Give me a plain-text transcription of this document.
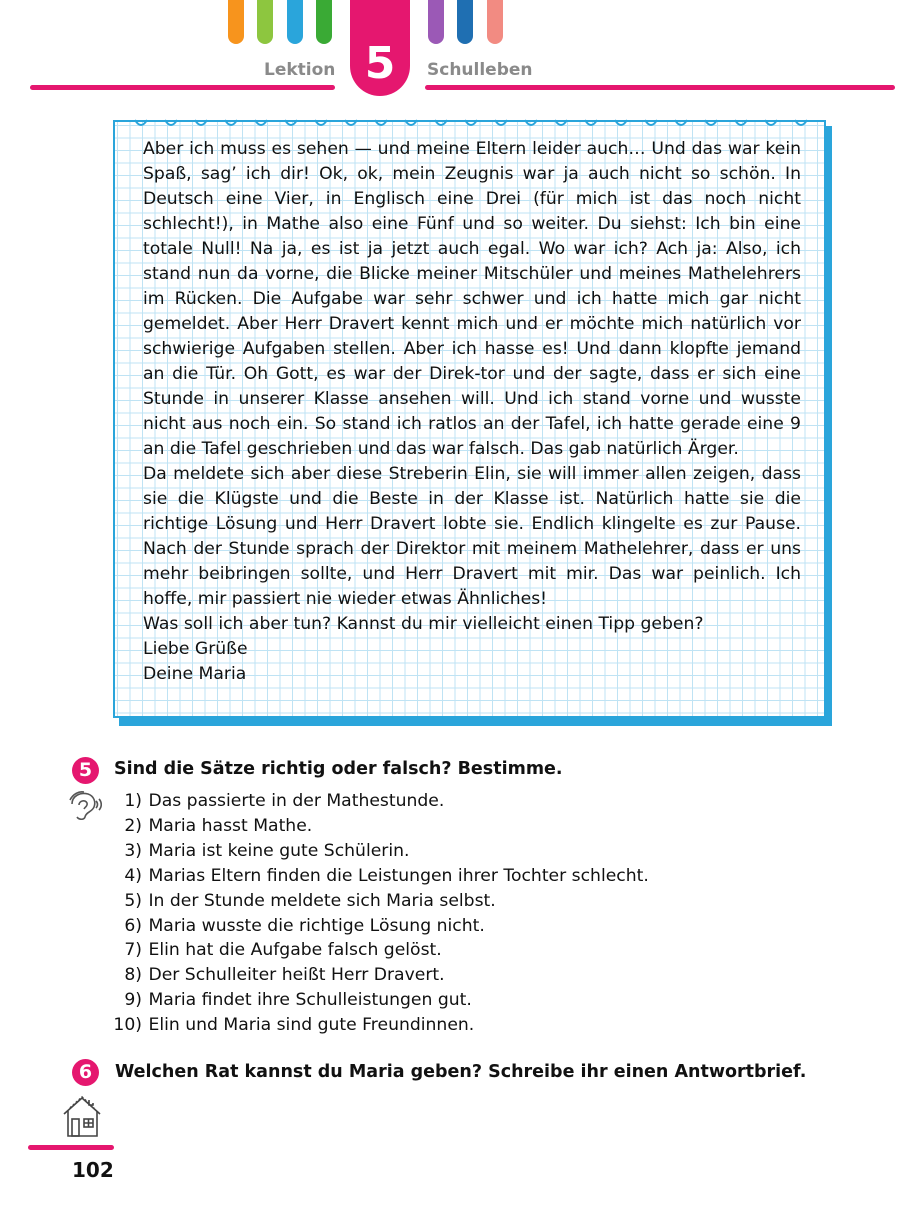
Lektion 5	Schulleben

Aber ich muss es sehen — und meine Eltern leider auch… Und das war kein Spaß, sag’ ich dir! Ok, ok, mein Zeugnis war ja auch nicht so schön. In Deutsch eine Vier, in Englisch eine Drei (für mich ist das noch nicht schlecht!), in Mathe also eine Fünf und so weiter. Du siehst: Ich bin eine totale Null! Na ja, es ist ja jetzt auch egal. Wo war ich? Ach ja: Also, ich stand nun da vorne, die Blicke meiner Mitschüler und meines Mathelehrers im Rücken. Die Aufgabe war sehr schwer und ich hatte mich gar nicht gemeldet. Aber Herr Dravert kennt mich und er möchte mich natürlich vor schwierige Aufgaben stellen. Aber ich hasse es! Und dann klopfte jemand an die Tür. Oh Gott, es war der Direk-tor und der sagte, dass er sich eine Stunde in unserer Klasse ansehen will. Und ich stand vorne und wusste nicht aus noch ein. So stand ich ratlos an der Tafel, ich hatte gerade eine 9 an die Tafel geschrieben und das war falsch. Das gab natürlich Ärger.

Da meldete sich aber diese Streberin Elin, sie will immer allen zeigen, dass sie die Klügste und die Beste in der Klasse ist. Natürlich hatte sie die richtige Lösung und Herr Dravert lobte sie. Endlich klingelte es zur Pause. Nach der Stunde sprach der Direktor mit meinem Mathelehrer, dass er uns mehr beibringen sollte, und Herr Dravert mit mir. Das war peinlich. Ich hoffe, mir passiert nie wieder etwas Ähnliches!

Was soll ich aber tun? Kannst du mir vielleicht einen Tipp geben?

Liebe Grüße

Deine Maria

5	Sind die Sätze richtig oder falsch? Bestimme.
1) Das passierte in der Mathestunde.
2) Maria hasst Mathe.
3) Maria ist keine gute Schülerin.
4) Marias Eltern finden die Leistungen ihrer Tochter schlecht.
5) In der Stunde meldete sich Maria selbst.
6) Maria wusste die richtige Lösung nicht.
7) Elin hat die Aufgabe falsch gelöst.
8) Der Schulleiter heißt Herr Dravert.
9) Maria findet ihre Schulleistungen gut.
10) Elin und Maria sind gute Freundinnen.
6	Welchen Rat kannst du Maria geben? Schreibe ihr einen Antwortbrief.
102
